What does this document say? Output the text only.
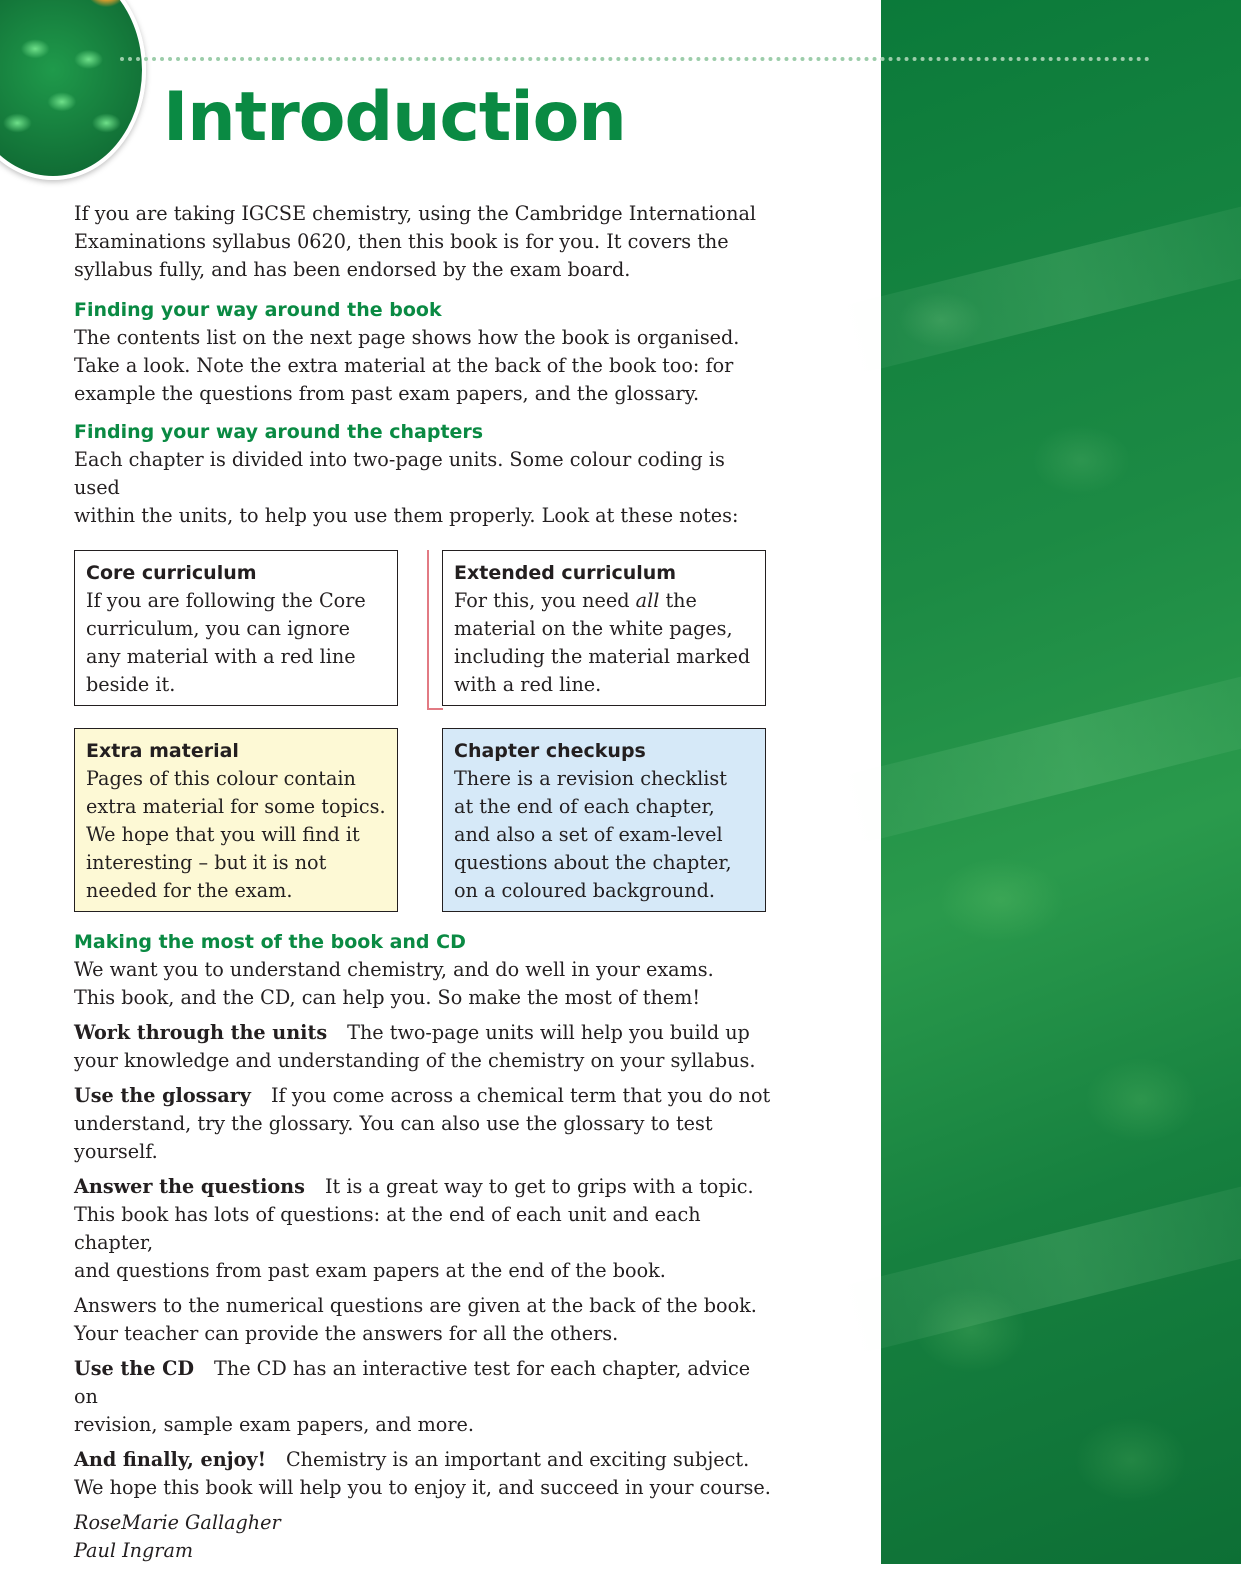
Introduction

If you are taking IGCSE chemistry, using the Cambridge International
Examinations syllabus 0620, then this book is for you. It covers the
syllabus fully, and has been endorsed by the exam board.

Finding your way around the book

The contents list on the next page shows how the book is organised.
Take a look. Note the extra material at the back of the book too: for
example the questions from past exam papers, and the glossary.

Finding your way around the chapters

Each chapter is divided into two-page units. Some colour coding is used
within the units, to help you use them properly. Look at these notes:

Core curriculum
If you are following the Core
curriculum, you can ignore
any material with a red line
beside it.
Extended curriculum
For this, you need all the
material on the white pages,
including the material marked
with a red line.
Extra material
Pages of this colour contain
extra material for some topics.
We hope that you will find it
interesting – but it is not
needed for the exam.
Chapter checkups
There is a revision checklist
at the end of each chapter,
and also a set of exam-level
questions about the chapter,
on a coloured background.
Making the most of the book and CD

We want you to understand chemistry, and do well in your exams.
This book, and the CD, can help you. So make the most of them!

Work through the units The two-page units will help you build up
your knowledge and understanding of the chemistry on your syllabus.

Use the glossary If you come across a chemical term that you do not
understand, try the glossary. You can also use the glossary to test yourself.

Answer the questions It is a great way to get to grips with a topic.
This book has lots of questions: at the end of each unit and each chapter,
and questions from past exam papers at the end of the book.

Answers to the numerical questions are given at the back of the book.
Your teacher can provide the answers for all the others.

Use the CD The CD has an interactive test for each chapter, advice on
revision, sample exam papers, and more.

And finally, enjoy! Chemistry is an important and exciting subject.
We hope this book will help you to enjoy it, and succeed in your course.

RoseMarie Gallagher
Paul Ingram
